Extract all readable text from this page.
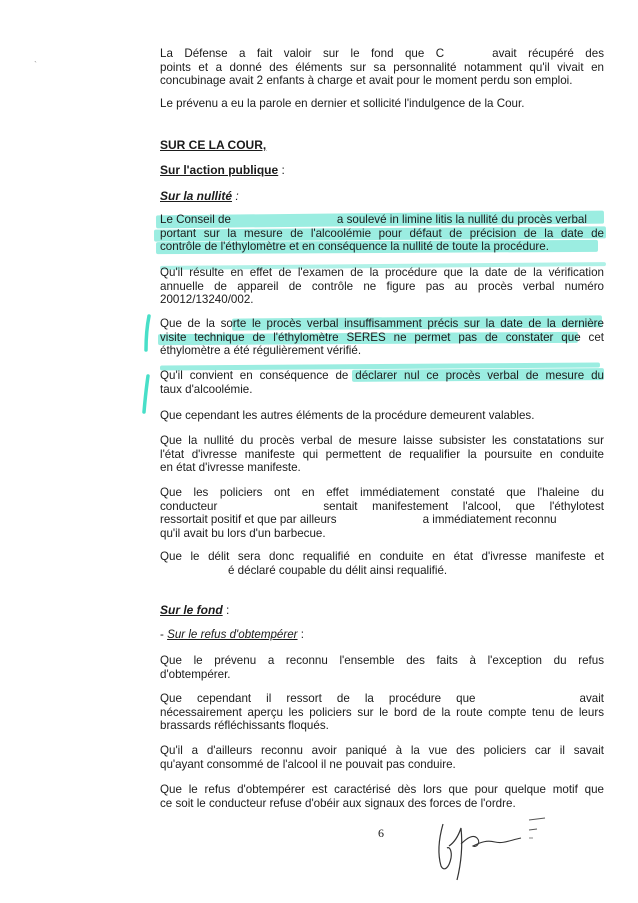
`

La Défense a fait valoir sur le fond que C	avait récupéré des
points et a donné des éléments sur sa personnalité notamment qu'il vivait en
concubinage avait 2 enfants à charge et avait pour le moment perdu son emploi.

Le prévenu a eu la parole en dernier et sollicité l'indulgence de la Cour.

SUR CE LA COUR,

Sur l'action publique :

Sur la nullité :

Le Conseil de	a soulevé in limine litis la nullité du procès verbal
portant sur la mesure de l'alcoolémie pour défaut de précision de la date de
contrôle de l'éthylomètre et en conséquence la nullité de toute la procédure.

Qu'il résulte en effet de l'examen de la procédure que la date de la vérification
annuelle de appareil de contrôle ne figure pas au procès verbal numéro
20012/13240/002.

Que de la sorte le procès verbal insuffisamment précis sur la date de la dernière
visite technique de l'éthylomètre SERES ne permet pas de constater que cet
éthylomètre a été régulièrement vérifié.

Qu'il convient en conséquence de déclarer nul ce procès verbal de mesure du
taux d'alcoolémie.

Que cependant les autres éléments de la procédure demeurent valables.

Que la nullité du procès verbal de mesure laisse subsister les constatations sur
l'état d'ivresse manifeste qui permettent de requalifier la poursuite en conduite
en état d'ivresse manifeste.

Que les policiers ont en effet immédiatement constaté que l'haleine du
conducteur	sentait manifestement l'alcool, que l'éthylotest
ressortait positif et que par ailleurs	a immédiatement reconnu
qu'il avait bu lors d'un barbecue.

Que le délit sera donc requalifié en conduite en état d'ivresse manifeste et
é déclaré coupable du délit ainsi requalifié.

Sur le fond :

- Sur le refus d'obtempérer :

Que le prévenu a reconnu l'ensemble des faits à l'exception du refus
d'obtempérer.

Que cependant il ressort de la procédure que	avait
nécessairement aperçu les policiers sur le bord de la route compte tenu de leurs
brassards réfléchissants floqués.

Qu'il a d'ailleurs reconnu avoir paniqué à la vue des policiers car il savait
qu'ayant consommé de l'alcool il ne pouvait pas conduire.

Que le refus d'obtempérer est caractérisé dès lors que pour quelque motif que
ce soit le conducteur refuse d'obéir aux signaux des forces de l'ordre.

6
